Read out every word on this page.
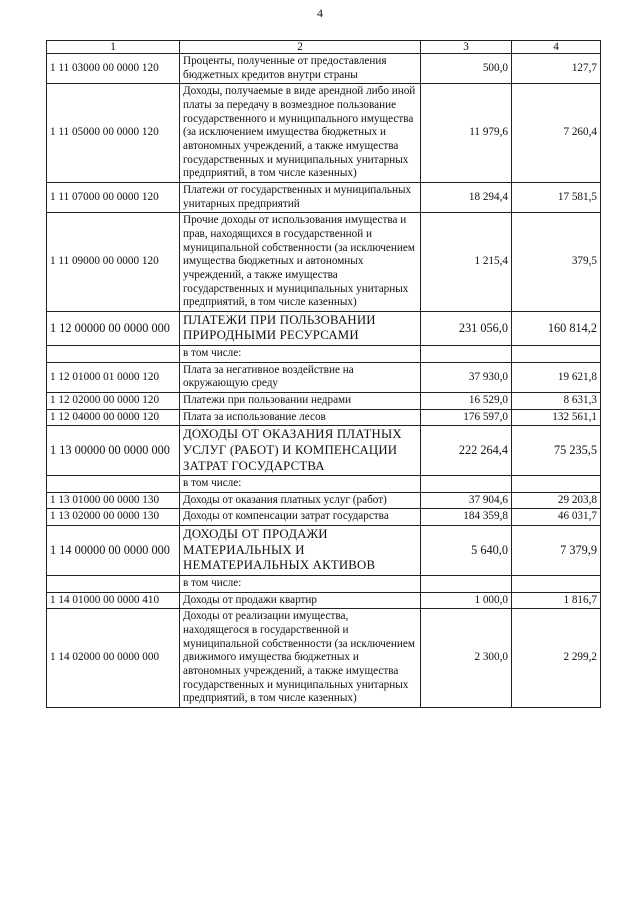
4
1	2	3	4
1 11 03000 00 0000 120	Проценты, полученные от предоставления бюджетных кредитов внутри страны	500,0	127,7
1 11 05000 00 0000 120	Доходы, получаемые в виде арендной либо иной платы за передачу в возмездное пользование государственного и муниципального имущества (за исключением имущества бюджетных и автономных учреждений, а также имущества государственных и муниципальных унитарных предприятий, в том числе казенных)	11 979,6	7 260,4
1 11 07000 00 0000 120	Платежи от государственных и муниципальных унитарных предприятий	18 294,4	17 581,5
1 11 09000 00 0000 120	Прочие доходы от использования имущества и прав, находящихся в государственной и муниципальной собственности (за исключением имущества бюджетных и автономных учреждений, а также имущества государственных и муниципальных унитарных предприятий, в том числе казенных)	1 215,4	379,5
1 12 00000 00 0000 000	ПЛАТЕЖИ ПРИ ПОЛЬЗОВАНИИ ПРИРОДНЫМИ РЕСУРСАМИ	231 056,0	160 814,2
	в том числе:		
1 12 01000 01 0000 120	Плата за негативное воздействие на окружающую среду	37 930,0	19 621,8
1 12 02000 00 0000 120	Платежи при пользовании недрами	16 529,0	8 631,3
1 12 04000 00 0000 120	Плата за использование лесов	176 597,0	132 561,1
1 13 00000 00 0000 000	ДОХОДЫ ОТ ОКАЗАНИЯ ПЛАТНЫХ УСЛУГ (РАБОТ) И КОМПЕНСАЦИИ ЗАТРАТ ГОСУДАРСТВА	222 264,4	75 235,5
	в том числе:		
1 13 01000 00 0000 130	Доходы от оказания платных услуг (работ)	37 904,6	29 203,8
1 13 02000 00 0000 130	Доходы от компенсации затрат государства	184 359,8	46 031,7
1 14 00000 00 0000 000	ДОХОДЫ ОТ ПРОДАЖИ МАТЕРИАЛЬНЫХ И НЕМАТЕРИАЛЬНЫХ АКТИВОВ	5 640,0	7 379,9
	в том числе:		
1 14 01000 00 0000 410	Доходы от продажи квартир	1 000,0	1 816,7
1 14 02000 00 0000 000	Доходы от реализации имущества, находящегося в государственной и муниципальной собственности (за исключением движимого имущества бюджетных и автономных учреждений, а также имущества государственных и муниципальных унитарных предприятий, в том числе казенных)	2 300,0	2 299,2
